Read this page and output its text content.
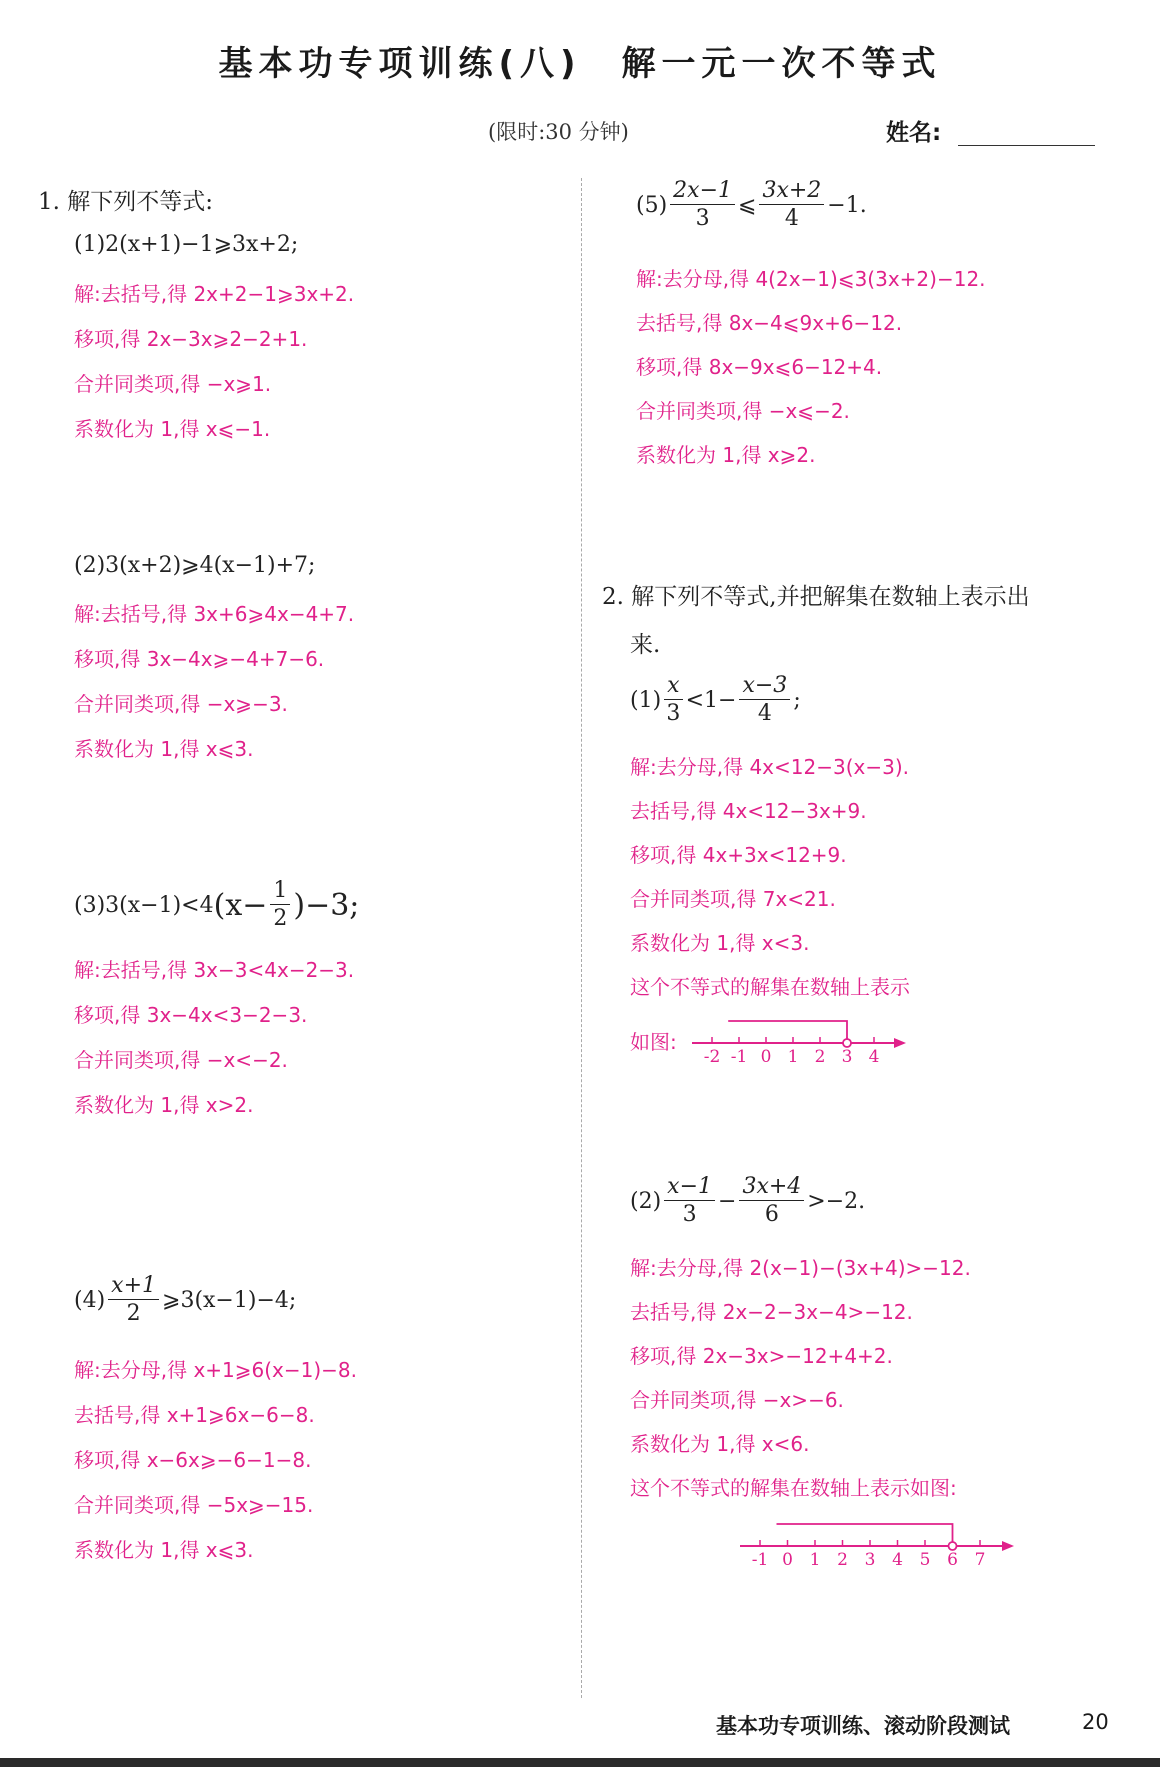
基本功专项训练(八) 解一元一次不等式
(限时:30 分钟)	姓名:
1. 解下列不等式:
(1)2(x+1)−1⩾3x+2;
解:去括号,得 2x+2−1⩾3x+2.
移项,得 2x−3x⩾2−2+1.
合并同类项,得 −x⩾1.
系数化为 1,得 x⩽−1.
(2)3(x+2)⩾4(x−1)+7;
解:去括号,得 3x+6⩾4x−4+7.
移项,得 3x−4x⩾−4+7−6.
合并同类项,得 −x⩾−3.
系数化为 1,得 x⩽3.
(3)3(x−1)<4 $(x- \frac{1}{2} )-3$;
解:去括号,得 3x−3<4x−2−3.
移项,得 3x−4x<3−2−3.
合并同类项,得 −x<−2.
系数化为 1,得 x>2.
$(4) \frac{x+1}{2}$ ⩾3(x−1)−4;
解:去分母,得 x+1⩾6(x−1)−8.
去括号,得 x+1⩾6x−6−8.
移项,得 x−6x⩾−6−1−8.
合并同类项,得 −5x⩾−15.
系数化为 1,得 x⩽3.
$(5) \frac{2x-1}{3}$ ⩽ $\frac{3x+2}{4} -1$.
解:去分母,得 4(2x−1)⩽3(3x+2)−12.
去括号,得 8x−4⩽9x+6−12.
移项,得 8x−9x⩽6−12+4.
合并同类项,得 −x⩽−2.
系数化为 1,得 x⩾2.
2. 解下列不等式,并把解集在数轴上表示出
来.
$(1) \frac{x}{3} <1- \frac{x-3}{4}$ ;
解:去分母,得 4x<12−3(x−3).
去括号,得 4x<12−3x+9.
移项,得 4x+3x<12+9.
合并同类项,得 7x<21.
系数化为 1,得 x<3.
这个不等式的解集在数轴上表示
如图:
-2 -1 0 1 2 3 4
$(2) \frac{x-1}{3} - \frac{3x+4}{6} >-2$.
解:去分母,得 2(x−1)−(3x+4)>−12.
去括号,得 2x−2−3x−4>−12.
移项,得 2x−3x>−12+4+2.
合并同类项,得 −x>−6.
系数化为 1,得 x<6.
这个不等式的解集在数轴上表示如图:
-1 0 1 2 3 4 5 6 7
基本功专项训练、滚动阶段测试	20
